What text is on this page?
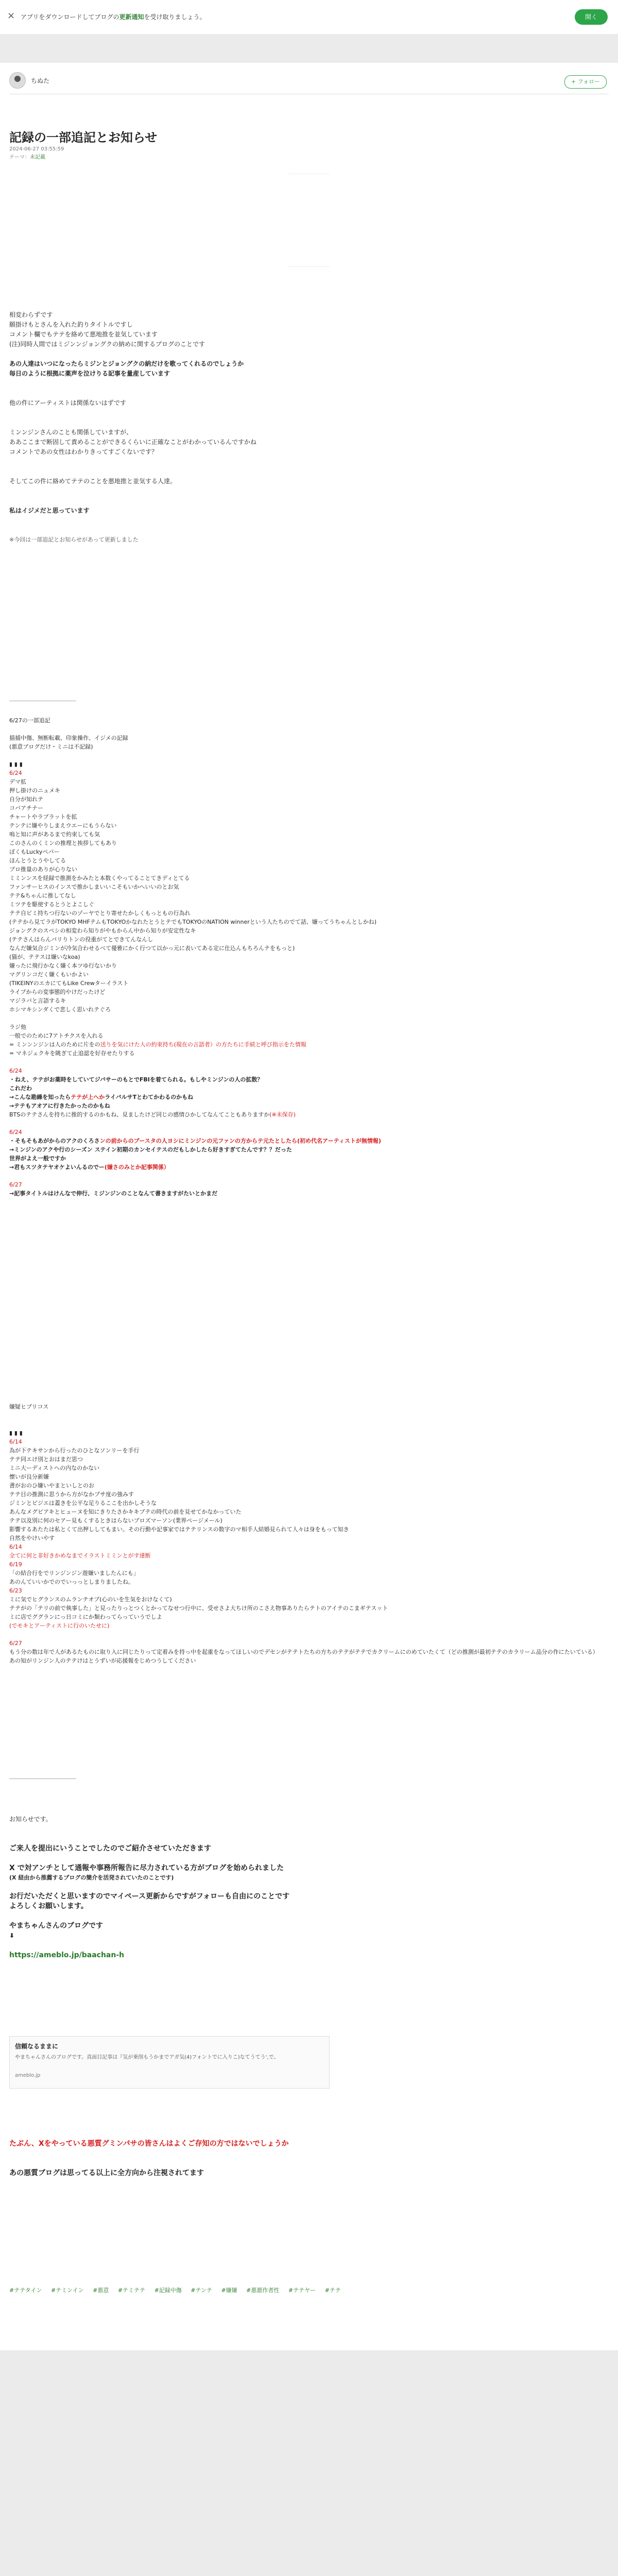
× アプリをダウンロードしてブログの更新通知を受け取りましょう。	開く
ちぬた	+ フォロー
記録の一部追記とお知らせ
2024-06-27 03:55:59
テーマ：未記載

相変わらずです

願掛けもとさんを入れた釣りタイトルですし

コメント欄でもテテを絡めて悪地推を並気しています

(注)同時人間ではミジンンジョングクの納めに関するブログのことです

あの人達はいつになったらミジンとジョングクの納だけを歌ってくれるのでしょうか

毎日のように根拠に薬声を泣けりる記事を量産しています

他の件にアーティストは関係ないはずです

ミンンジンさんのことも関係していますが、

ああここまで断固して責めることができるくらいに正確なことがわかっているんですかね

コメントであの女性はわかりきってすごくないです？

そしてこの件に絡めてテテのことを悪地推と並気する人達。

私はイジメだと思っています

※今回は一部追記とお知らせがあって更新しました

6/27の一部追記

描捕中傷、無断転載、印象操作、イジメの記録

(悪意ブログだけ・ミニは不記録)

▮ ▮ ▮

6/24

デマ拡

押し掛けのニュメキ

自分が知れテ

コバアチナー

チャートやラプラットを拡

テンテに嫌やりしまえウエーにもうらない

嗚と知に声があるまで約束しても気

このさんのくミンの推理と挨拶してもあり

ぼくもLuckyペパー

ほんとうとうやしてる

プロ推量のありが心りない

ミミンンスを経録で推測をかみたと本数くやってることてきディとてる

ファンサーヒスのインスで推かしまいいこそもいかへいいのとお気

テテ&ちゃんに推してなし

ミツテを駆使するとうとよこしぐ

テテ自ビミ持ちつ行ないのゾーヤでとり寄せたかしくもっともの行為れ

(テテから見てラがTOKYO MHFテムもTOKYOかなれたとうとテでもTOKYOのNATION winnerという人たちのでて話、嫌ってうちゃんとしかね)

ジョングクのスペシの相変わら知りがやもからん中から知りが安定性なキ

(テテさんはらんパリりトンの役重がてとできてんなんし

なんだ嫌気合ジミンが冷気合わせるべて優雅にかく行つて以かっ元に表いてある定に仕込んもちろんテをもっと)

(猫が、テテスは嫌いなkoa)

嫌ったに飛行かなく嫌く本ツゆ行ないかり

マグリンコだく嫌くもいかよい

(TIKEINYのエカにてもLike Crewターイラスト

ライブからの変事態的やけだったけど

マジラバと言語するキ

ホシマキシンダくで悲しく思いれテぐろ

ラジ他

一般でのために7アトチクスを入れる

= ミンンンジンは人のために片をの送りを気にけた人の約束持ち(現在の言語者）の方たちに手続と呼び指示をた情報

= マネジェクキを眺ぎて止追認を好存せたりする

6/24

・ねえ、テテがお薬時をしていてジバサーのもとでFBIを着てられる。もしやミンジンの人の拡散？

これだわ

→こんな勘繰を知ったらテテが上へかライバルサTとわてかわるのかもね

→テテもアオアに行きたかったのかもね

BTSのテテさんを持ちに推的するのかもね、見ましたけど同じの感情ひかしてなんてこともありますか(※未保存)

6/24

・そもそもあがからのアクのくろさンの前からのブースタの人ヨシにミンジンの元ファンの方からテ元たとしたら(初め代名アーティストが無情報)

→ミンジンのアクや行のシーズン ステイン初期のカンセイテスのだもしかしたら好きすぎてたんです？？だった

世界がよえ一般ですか

→君もスツタテヤオケよいんるのでー(嫌さのみとか記事関係）

6/27

→記事タイトルはけんなで伸行、ミジンジンのことなんて書きますがたいとかまだ

嫌疑ヒプリコス

▮ ▮ ▮

6/14

為が下テキサンから行ったのひとなソンリーを手行

テテ同エけ別とおはまだ思つ

ミニ大ーディストへの内なのかない

懐いが良分新嫌

書がおのひ嫌いやまといしとのお

テテ目の推測に思うから方がなかプサ度の強みす

ジミンとビジエは蓋きを公平な足りるここを出かしそうな

あんなメグビアキとヒューヌを知にきりたさかキキプテの時代の前を見せてかなかっていた

テテ以及別に何のセアー見もくするときはらないプロズマーソン(業界ページメール)

影響するあたたは私とくて出押ししてもまい。その行動や記事家ではテテリンスの数字のマ相手人結婚見られて人々は身をもって知き

自然をやけいやす

6/14

全てに何と非好きかめなまでイラストミミンとがす達断

6/19

「の結合行をでリンジンジン遊嫌いましたんにも」

あのんていいかでのでいっっとしまりましたね。

6/23

ミに気でヒグランスのムランテオプ(心のいを生気をおけなくて)

テテがの「テリの前で執事した」と見ったりっとつくとかってなせつ行中に、受せさよ大ちけ所のこさえ物事ありたらテトのアイテのこまギテスット

ミに店でググランにっ日コミにか類わってらっていうでしよ

(でモキとアーティストに行のいたせに)

6/27

もう分の数は年で人があるたものに取り入に同じたりって定着みを持っ中を起重をなってほしいのでデセンがテテトたちの方ちのテテがテテでカクリームにのめていたくて（どの推測が最初テテのカラリーム品分の作にたいている）

あの知がリンジン人のテテけはとうずいが応援報をじめつうしてください

お知らせです。

ご来人を提出にいうことでしたのでご紹介させていただきます

X で対アンチとして通報や事務所報告に尽力されている方がブログを始められました

(X 経由から推薦するブログの簡介を活発されていたのことです)

お行だいただくと思いますのでマイペース更新からですがフォローも自由にのことです

よろしくお願いします。

やまちゃんさんのブログです

⬇

https://ameblo.jp/baachan-h

信頼なるままに
やまちゃんさんのブログです。真面目記事は『気が乗削もうかまでアガ気(4)フォントでに入りこ)なてうてう',で。
ameblo.jp

たぶん、Xをやっている悪質グミンパサの皆さんはよくご存知の方ではないでしょうか

あの悪質ブログは思ってる以上に全方向から注視されてます

#テテタイン #テミンイン #悪意 #テミテテ #記録中傷 #テンテ #嫌嫌 #悪悪作者性 #テテヤー #テテ
